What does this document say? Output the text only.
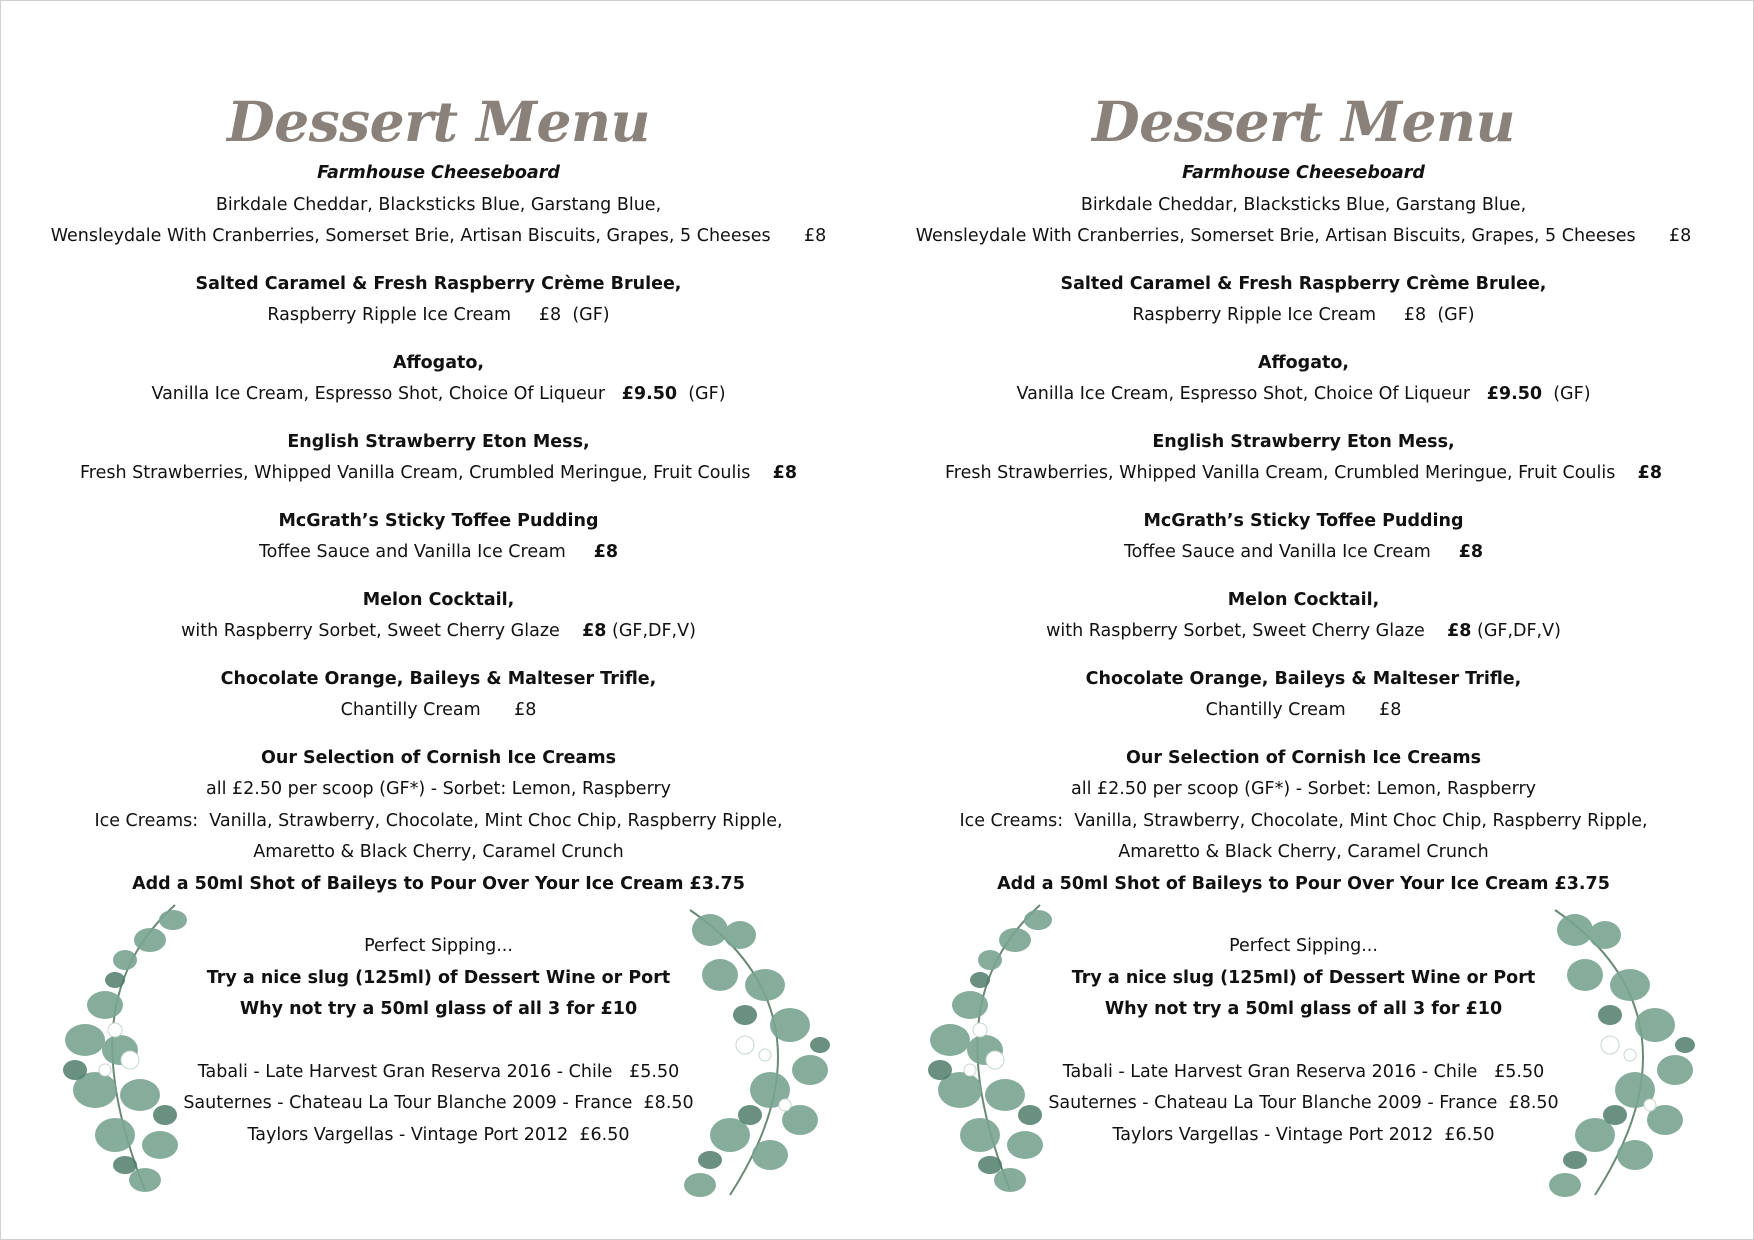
Dessert Menu
Farmhouse Cheeseboard
Birkdale Cheddar, Blacksticks Blue, Garstang Blue,
Wensleydale With Cranberries, Somerset Brie, Artisan Biscuits, Grapes, 5 Cheeses £8
Salted Caramel & Fresh Raspberry Crème Brulee,
Raspberry Ripple Ice Cream £8 (GF)
Affogato,
Vanilla Ice Cream, Espresso Shot, Choice Of Liqueur £9.50 (GF)
English Strawberry Eton Mess,
Fresh Strawberries, Whipped Vanilla Cream, Crumbled Meringue, Fruit Coulis £8
McGrath’s Sticky Toffee Pudding
Toffee Sauce and Vanilla Ice Cream £8
Melon Cocktail,
with Raspberry Sorbet, Sweet Cherry Glaze £8 (GF,DF,V)
Chocolate Orange, Baileys & Malteser Trifle,
Chantilly Cream £8
Our Selection of Cornish Ice Creams
all £2.50 per scoop (GF*) - Sorbet: Lemon, Raspberry
Ice Creams:  Vanilla, Strawberry, Chocolate, Mint Choc Chip, Raspberry Ripple,
Amaretto & Black Cherry, Caramel Crunch
Add a 50ml Shot of Baileys to Pour Over Your Ice Cream £3.75
Perfect Sipping...
Try a nice slug (125ml) of Dessert Wine or Port
Why not try a 50ml glass of all 3 for £10
Tabali - Late Harvest Gran Reserva 2016 - Chile   £5.50
Sauternes - Chateau La Tour Blanche 2009 - France  £8.50
Taylors Vargellas - Vintage Port 2012  £6.50
Dessert Menu
Farmhouse Cheeseboard
Birkdale Cheddar, Blacksticks Blue, Garstang Blue,
Wensleydale With Cranberries, Somerset Brie, Artisan Biscuits, Grapes, 5 Cheeses £8
Salted Caramel & Fresh Raspberry Crème Brulee,
Raspberry Ripple Ice Cream £8 (GF)
Affogato,
Vanilla Ice Cream, Espresso Shot, Choice Of Liqueur £9.50 (GF)
English Strawberry Eton Mess,
Fresh Strawberries, Whipped Vanilla Cream, Crumbled Meringue, Fruit Coulis £8
McGrath’s Sticky Toffee Pudding
Toffee Sauce and Vanilla Ice Cream £8
Melon Cocktail,
with Raspberry Sorbet, Sweet Cherry Glaze £8 (GF,DF,V)
Chocolate Orange, Baileys & Malteser Trifle,
Chantilly Cream £8
Our Selection of Cornish Ice Creams
all £2.50 per scoop (GF*) - Sorbet: Lemon, Raspberry
Ice Creams:  Vanilla, Strawberry, Chocolate, Mint Choc Chip, Raspberry Ripple,
Amaretto & Black Cherry, Caramel Crunch
Add a 50ml Shot of Baileys to Pour Over Your Ice Cream £3.75
Perfect Sipping...
Try a nice slug (125ml) of Dessert Wine or Port
Why not try a 50ml glass of all 3 for £10
Tabali - Late Harvest Gran Reserva 2016 - Chile   £5.50
Sauternes - Chateau La Tour Blanche 2009 - France  £8.50
Taylors Vargellas - Vintage Port 2012  £6.50
